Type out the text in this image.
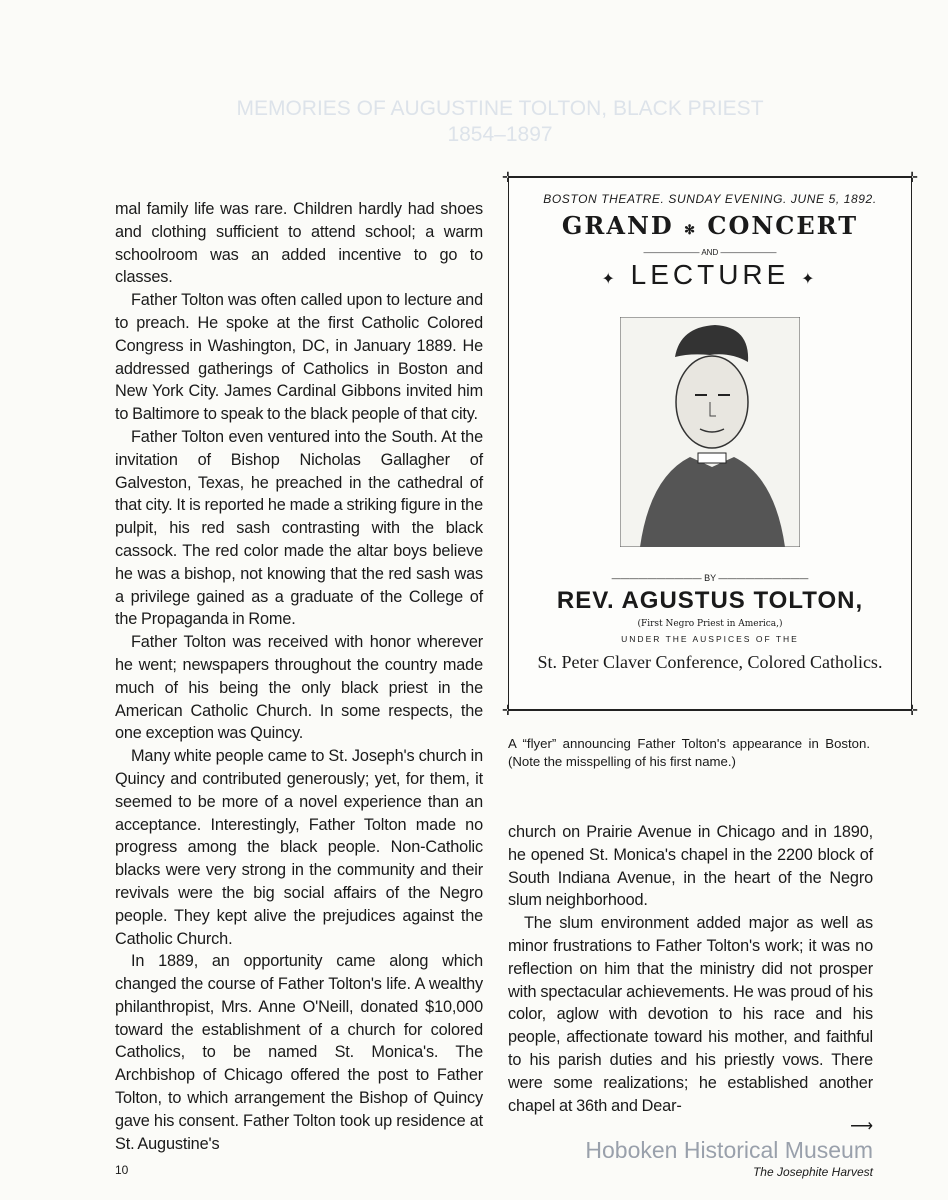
MEMORIES OF AUGUSTINE TOLTON, BLACK PRIEST
1854–1897

mal family life was rare. Children hardly had shoes and clothing sufficient to attend school; a warm schoolroom was an added incentive to go to classes.

Father Tolton was often called upon to lecture and to preach. He spoke at the first Catholic Colored Congress in Washington, DC, in January 1889. He addressed gatherings of Catholics in Boston and New York City. James Cardinal Gibbons invited him to Baltimore to speak to the black people of that city.

Father Tolton even ventured into the South. At the invitation of Bishop Nicholas Gallagher of Galveston, Texas, he preached in the cathedral of that city. It is reported he made a striking figure in the pulpit, his red sash contrasting with the black cassock. The red color made the altar boys believe he was a bishop, not knowing that the red sash was a privilege gained as a graduate of the College of the Propaganda in Rome.

Father Tolton was received with honor wherever he went; newspapers throughout the country made much of his being the only black priest in the American Catholic Church. In some respects, the one exception was Quincy.

Many white people came to St. Joseph's church in Quincy and contributed generously; yet, for them, it seemed to be more of a novel experience than an acceptance. Interestingly, Father Tolton made no progress among the black people. Non-Catholic blacks were very strong in the community and their revivals were the big social affairs of the Negro people. They kept alive the prejudices against the Catholic Church.

In 1889, an opportunity came along which changed the course of Father Tolton's life. A wealthy philanthropist, Mrs. Anne O'Neill, donated $10,000 toward the establishment of a church for colored Catholics, to be named St. Monica's. The Archbishop of Chicago offered the post to Father Tolton, to which arrangement the Bishop of Quincy gave his consent. Father Tolton took up residence at St. Augustine's

10
✛	✛
✛	✛
BOSTON THEATRE. SUNDAY EVENING. JUNE 5, 1892.
GRAND ✻ CONCERT
——————— AND ———————
✦ LECTURE ✦
—————————— BY ——————————
REV. AGUSTUS TOLTON,
(First Negro Priest in America,)
UNDER THE AUSPICES OF THE
St. Peter Claver Conference, Colored Catholics.
A “flyer” announcing Father Tolton's appearance in Boston. (Note the misspelling of his first name.)

church on Prairie Avenue in Chicago and in 1890, he opened St. Monica's chapel in the 2200 block of South Indiana Avenue, in the heart of the Negro slum neighborhood.

The slum environment added major as well as minor frustrations to Father Tolton's work; it was no reflection on him that the ministry did not prosper with spectacular achievements. He was proud of his color, aglow with devotion to his race and his people, affectionate toward his mother, and faithful to his parish duties and his priestly vows. There were some realizations; he established another chapel at 36th and Dear-

⟶
Hoboken Historical Museum
The Josephite Harvest
